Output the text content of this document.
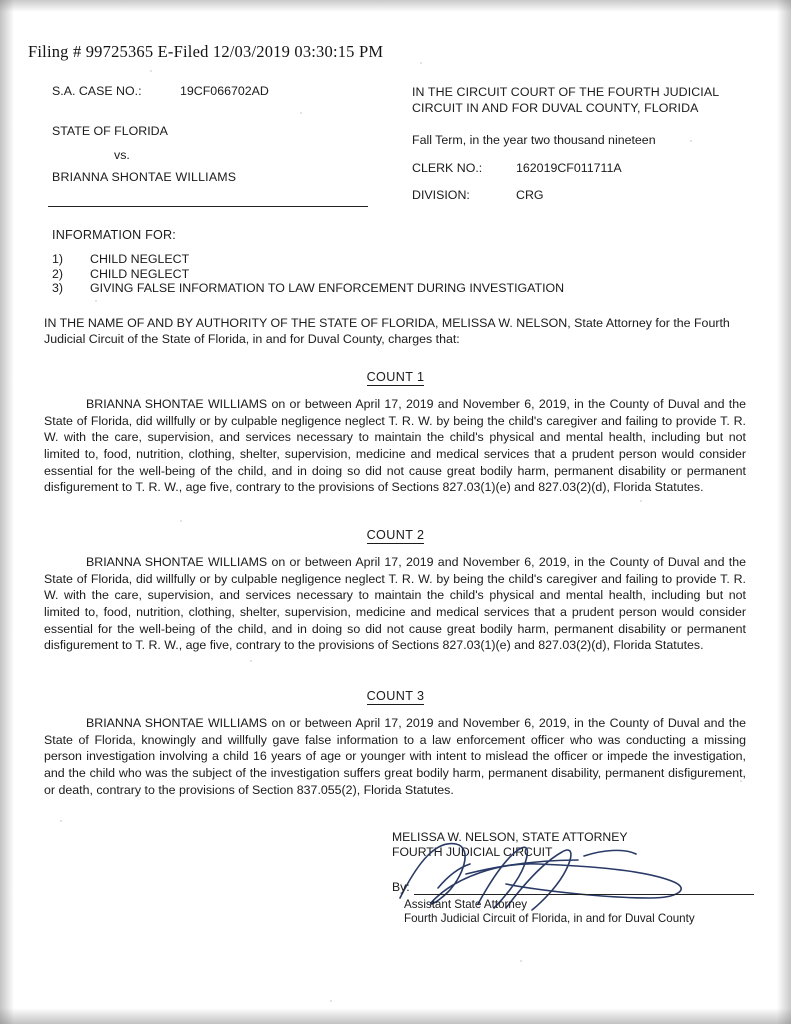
Filing # 99725365 E-Filed 12/03/2019 03:30:15 PM
S.A. CASE NO.:	19CF066702AD
STATE OF FLORIDA
vs.
BRIANNA SHONTAE WILLIAMS
IN THE CIRCUIT COURT OF THE FOURTH JUDICIAL
CIRCUIT IN AND FOR DUVAL COUNTY, FLORIDA
Fall Term, in the year two thousand nineteen
CLERK NO.:	162019CF011711A
DIVISION:	CRG
INFORMATION FOR:
1)	CHILD NEGLECT
2)	CHILD NEGLECT
3)	GIVING FALSE INFORMATION TO LAW ENFORCEMENT DURING INVESTIGATION
IN THE NAME OF AND BY AUTHORITY OF THE STATE OF FLORIDA, MELISSA W. NELSON, State Attorney for the Fourth Judicial Circuit of the State of Florida, in and for Duval County, charges that:
COUNT 1
BRIANNA SHONTAE WILLIAMS on or between April 17, 2019 and November 6, 2019, in the County of Duval and the State of Florida, did willfully or by culpable negligence neglect T. R. W. by being the child's caregiver and failing to provide T. R. W. with the care, supervision, and services necessary to maintain the child's physical and mental health, including but not limited to, food, nutrition, clothing, shelter, supervision, medicine and medical services that a prudent person would consider essential for the well-being of the child, and in doing so did not cause great bodily harm, permanent disability or permanent disfigurement to T. R. W., age five, contrary to the provisions of Sections 827.03(1)(e) and 827.03(2)(d), Florida Statutes.
COUNT 2
BRIANNA SHONTAE WILLIAMS on or between April 17, 2019 and November 6, 2019, in the County of Duval and the State of Florida, did willfully or by culpable negligence neglect T. R. W. by being the child's caregiver and failing to provide T. R. W. with the care, supervision, and services necessary to maintain the child's physical and mental health, including but not limited to, food, nutrition, clothing, shelter, supervision, medicine and medical services that a prudent person would consider essential for the well-being of the child, and in doing so did not cause great bodily harm, permanent disability or permanent disfigurement to T. R. W., age five, contrary to the provisions of Sections 827.03(1)(e) and 827.03(2)(d), Florida Statutes.
COUNT 3
BRIANNA SHONTAE WILLIAMS on or between April 17, 2019 and November 6, 2019, in the County of Duval and the State of Florida, knowingly and willfully gave false information to a law enforcement officer who was conducting a missing person investigation involving a child 16 years of age or younger with intent to mislead the officer or impede the investigation, and the child who was the subject of the investigation suffers great bodily harm, permanent disability, permanent disfigurement, or death, contrary to the provisions of Section 837.055(2), Florida Statutes.
MELISSA W. NELSON, STATE ATTORNEY
FOURTH JUDICIAL CIRCUIT
By:
Assistant State Attorney
Fourth Judicial Circuit of Florida, in and for Duval County
